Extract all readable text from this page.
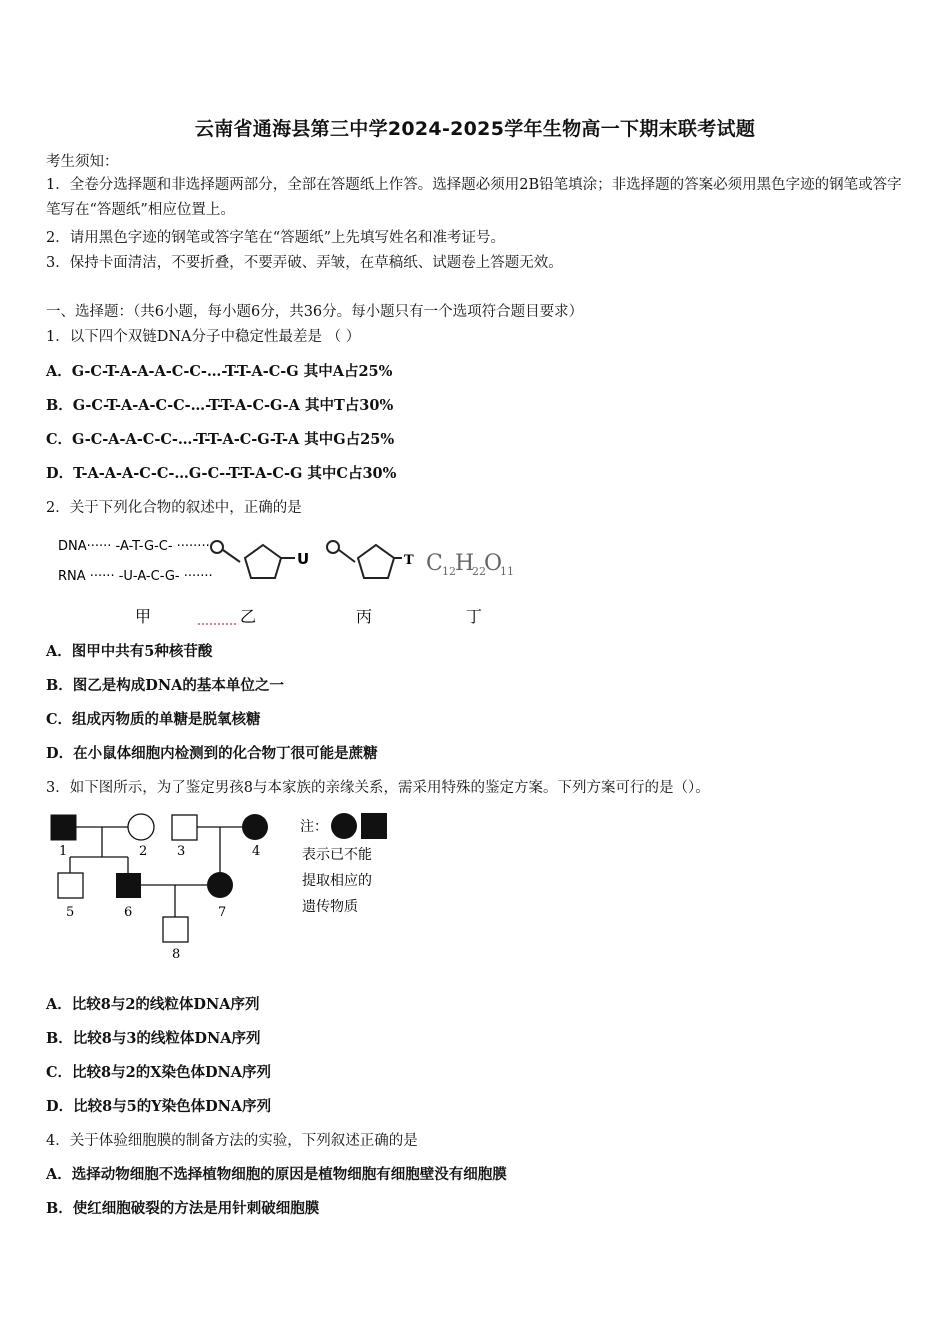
云南省通海县第三中学2024-2025学年生物高一下期末联考试题
考生须知：
1．全卷分选择题和非选择题两部分，全部在答题纸上作答。选择题必须用2B铅笔填涂；非选择题的答案必须用黑色字迹的钢笔或答字笔写在“答题纸”相应位置上。
2．请用黑色字迹的钢笔或答字笔在“答题纸”上先填写姓名和准考证号。
3．保持卡面清洁，不要折叠，不要弄破、弄皱，在草稿纸、试题卷上答题无效。
一、选择题：（共6小题，每小题6分，共36分。每小题只有一个选项符合题目要求）
1．以下四个双链DNA分子中稳定性最差是 （ ）
A．G-C-T-A-A-A-C-C-…-T-T-A-C-G 其中A占25%
B．G-C-T-A-A-C-C-…-T-T-A-C-G-A 其中T占30%
C．G-C-A-A-C-C-…-T-T-A-C-G-T-A 其中G占25%
D．T-A-A-A-C-C-…G-C--T-T-A-C-G 其中C占30%
2．关于下列化合物的叙述中，正确的是
DNA······ -A-T-G-C- ········
RNA ······ -U-A-C-G- ·······
U	T C 12 H
22
O
11
甲	乙	丙	丁
A．图甲中共有5种核苷酸
B．图乙是构成DNA的基本单位之一
C．组成丙物质的单糖是脱氧核糖
D．在小鼠体细胞内检测到的化合物丁很可能是蔗糖
3．如下图所示，为了鉴定男孩8与本家族的亲缘关系，需采用特殊的鉴定方案。下列方案可行的是（）。
1	2 3	4
5	6	7
8
注：
表示已不能
提取相应的
遗传物质
A．比较8与2的线粒体DNA序列
B．比较8与3的线粒体DNA序列
C．比较8与2的X染色体DNA序列
D．比较8与5的Y染色体DNA序列
4．关于体验细胞膜的制备方法的实验，下列叙述正确的是
A．选择动物细胞不选择植物细胞的原因是植物细胞有细胞壁没有细胞膜
B．使红细胞破裂的方法是用针刺破细胞膜
